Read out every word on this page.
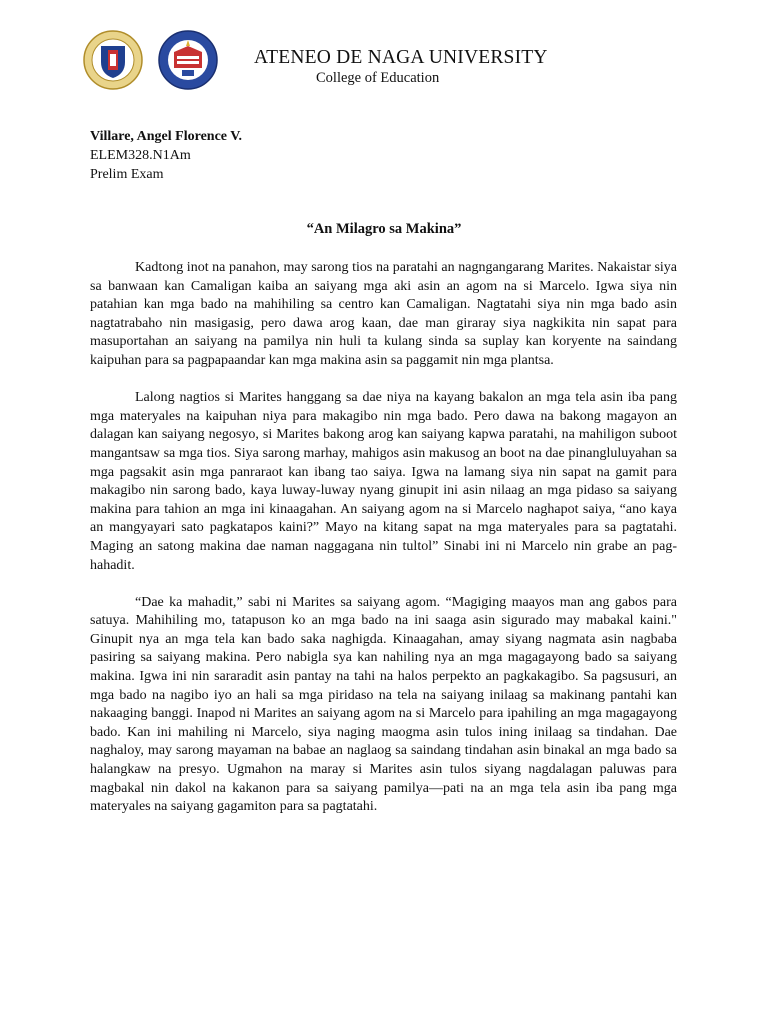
ATENEO DE NAGA UNIVERSITY
College of Education
Villare, Angel Florence V.
ELEM328.N1Am
Prelim Exam
“An Milagro sa Makina”

Kadtong inot na panahon, may sarong tios na paratahi an nagngangarang Marites. Nakaistar siya sa banwaan kan Camaligan kaiba an saiyang mga aki asin an agom na si Marcelo. Igwa siya nin patahian kan mga bado na mahihiling sa centro kan Camaligan. Nagtatahi siya nin mga bado asin nagtatrabaho nin masigasig, pero dawa arog kaan, dae man giraray siya nagkikita nin sapat para masuportahan an saiyang na pamilya nin huli ta kulang sinda sa suplay kan koryente na saindang kaipuhan para sa pagpapaandar kan mga makina asin sa paggamit nin mga plantsa.

Lalong nagtios si Marites hanggang sa dae niya na kayang bakalon an mga tela asin iba pang mga materyales na kaipuhan niya para makagibo nin mga bado. Pero dawa na bakong magayon an dalagan kan saiyang negosyo, si Marites bakong arog kan saiyang kapwa paratahi, na mahiligon suboot mangantsaw sa mga tios. Siya sarong marhay, mahigos asin makusog an boot na dae pinangluluyahan sa mga pagsakit asin mga panraraot kan ibang tao saiya. Igwa na lamang siya nin sapat na gamit para makagibo nin sarong bado, kaya luway-luway nyang ginupit ini asin nilaag an mga pidaso sa saiyang makina para tahion an mga ini kinaagahan. An saiyang agom na si Marcelo naghapot saiya, “ano kaya an mangyayari sato pagkatapos kaini?” Mayo na kitang sapat na mga materyales para sa pagtatahi. Maging an satong makina dae naman naggagana nin tultol” Sinabi ini ni Marcelo nin grabe an pag-hahadit.

“Dae ka mahadit,” sabi ni Marites sa saiyang agom. “Magiging maayos man ang gabos para satuya. Mahihiling mo, tatapuson ko an mga bado na ini saaga asin sigurado may mabakal kaini." Ginupit nya an mga tela kan bado saka naghigda. Kinaagahan, amay siyang nagmata asin nagbaba pasiring sa saiyang makina. Pero nabigla sya kan nahiling nya an mga magagayong bado sa saiyang makina. Igwa ini nin sararadit asin pantay na tahi na halos perpekto an pagkakagibo. Sa pagsusuri, an mga bado na nagibo iyo an hali sa mga piridaso na tela na saiyang inilaag sa makinang pantahi kan nakaaging banggi. Inapod ni Marites an saiyang agom na si Marcelo para ipahiling an mga magagayong bado. Kan ini mahiling ni Marcelo, siya naging maogma asin tulos ining inilaag sa tindahan. Dae naghaloy, may sarong mayaman na babae an naglaog sa saindang tindahan asin binakal an mga bado sa halangkaw na presyo. Ugmahon na maray si Marites asin tulos siyang nagdalagan paluwas para magbakal nin dakol na kakanon para sa saiyang pamilya—pati na an mga tela asin iba pang mga materyales na saiyang gagamiton para sa pagtatahi.
